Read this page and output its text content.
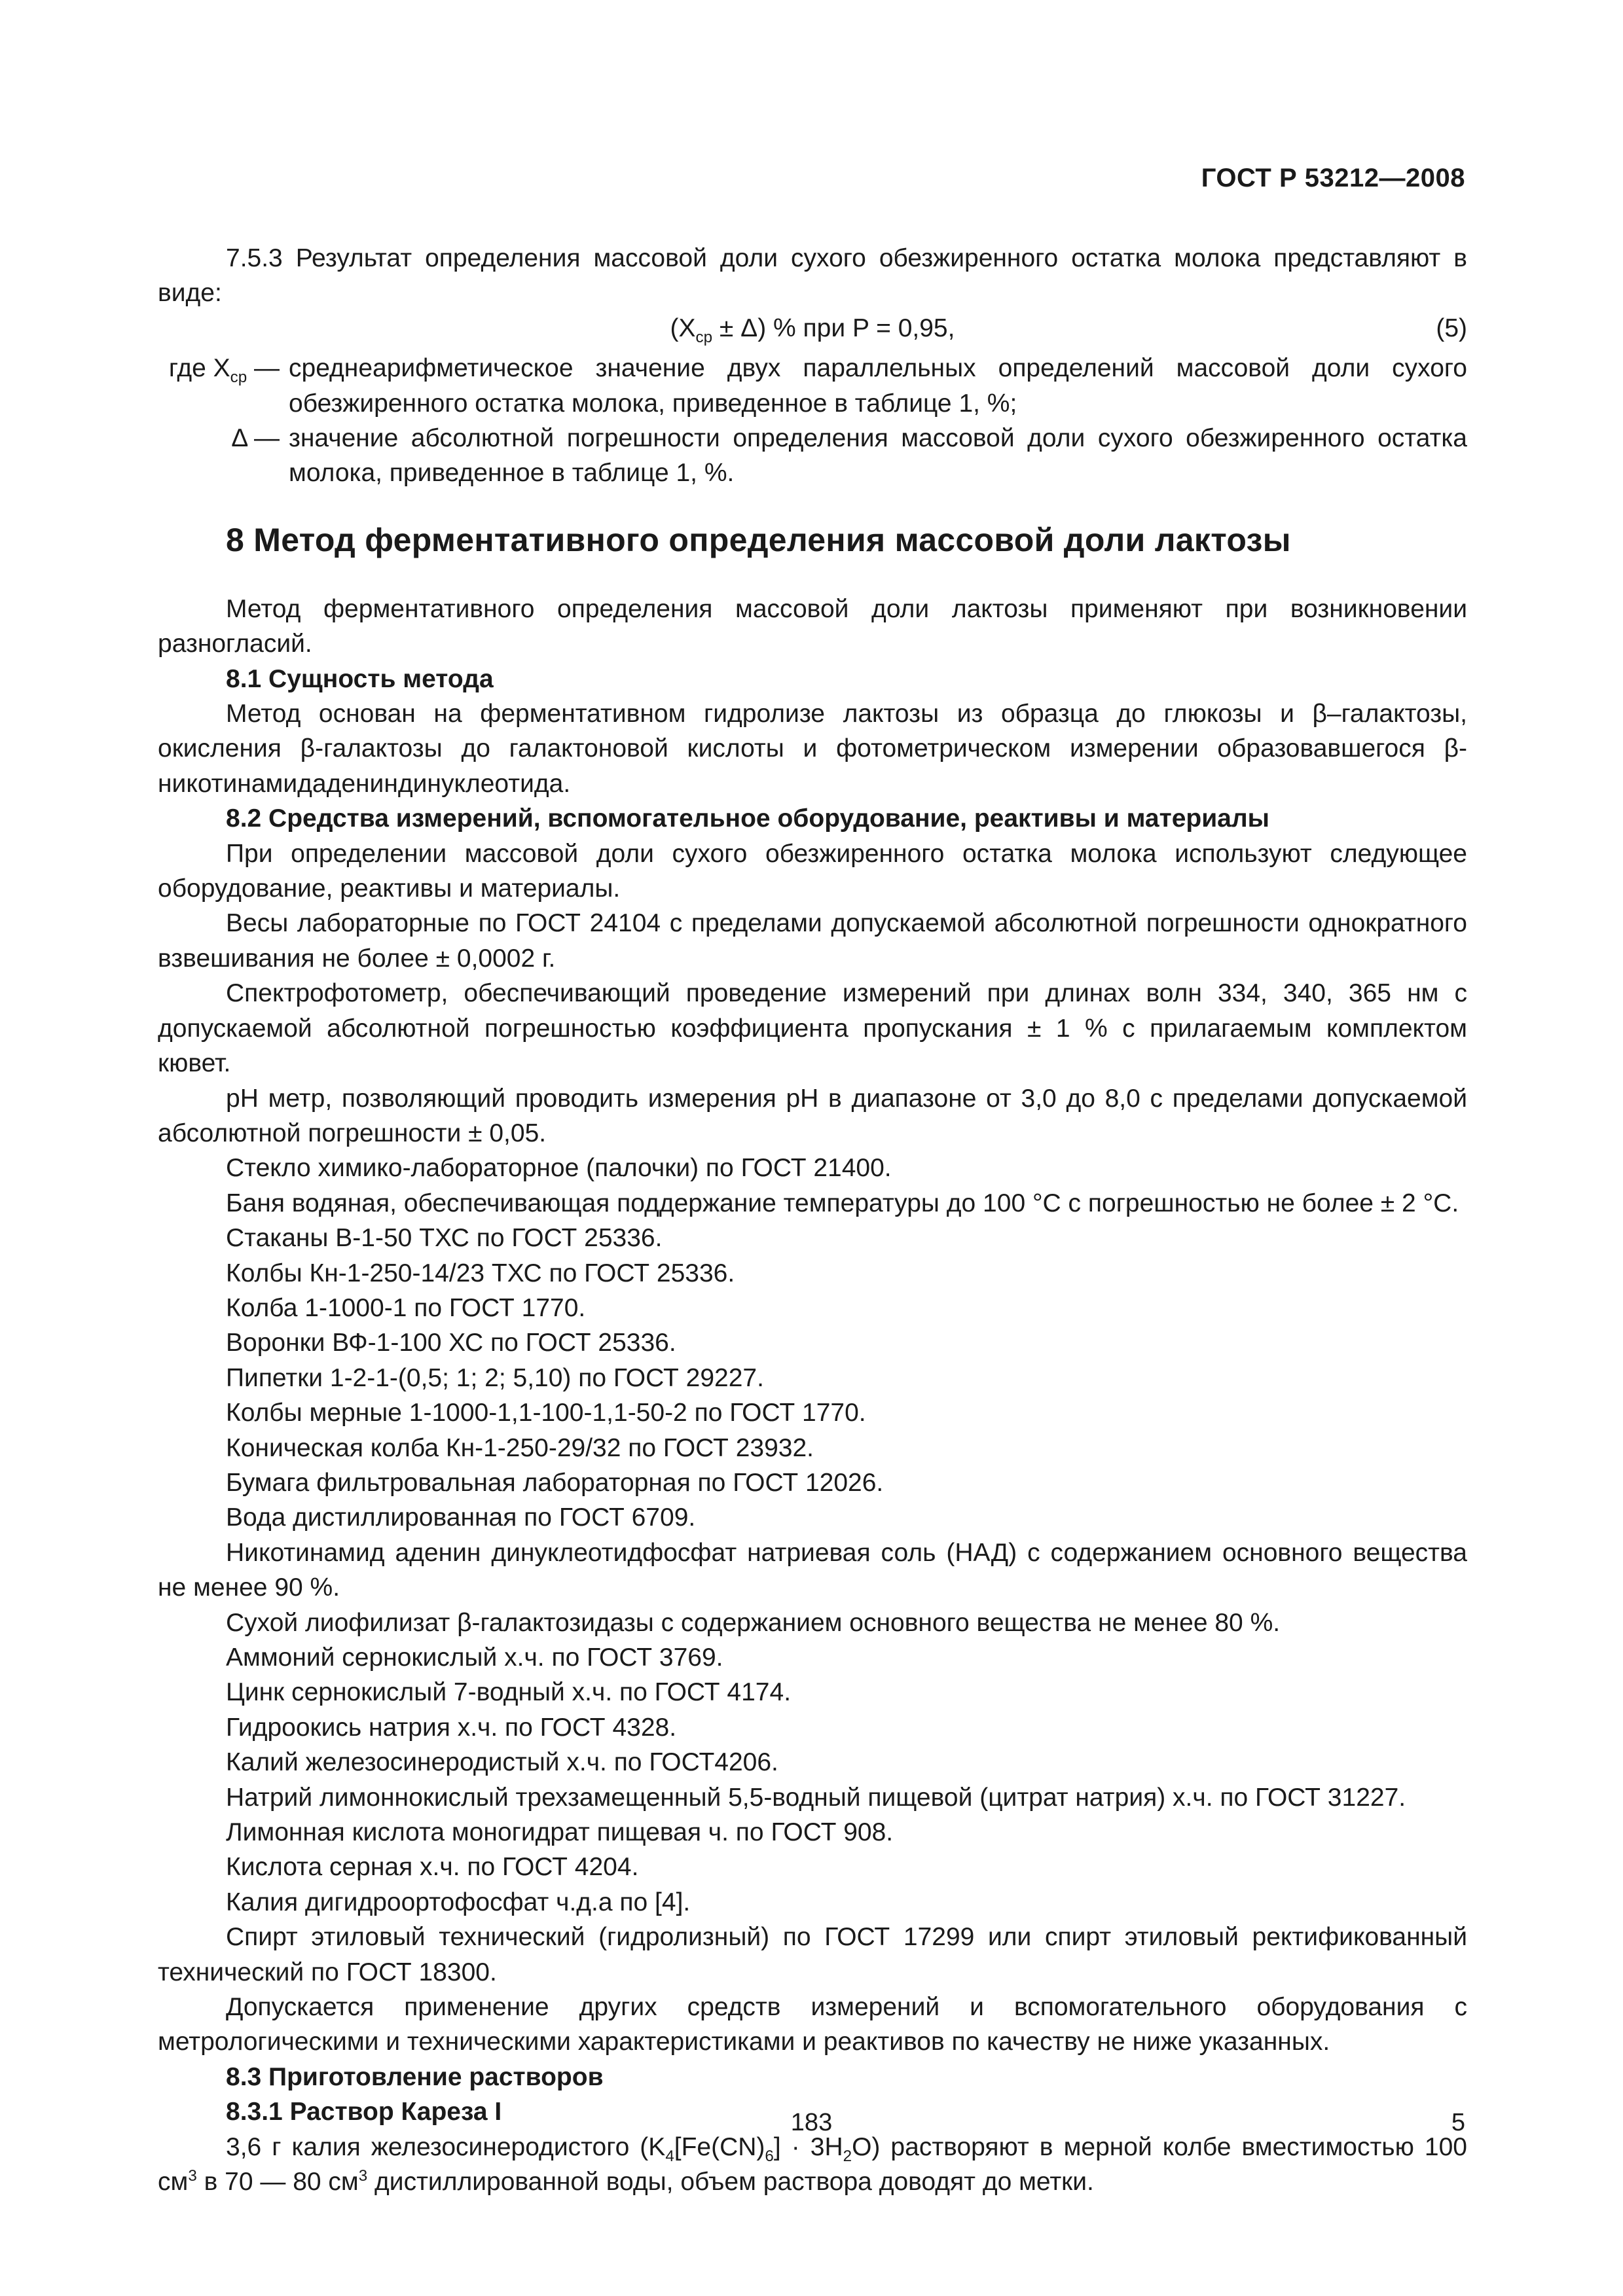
ГОСТ Р 53212—2008

7.5.3 Результат определения массовой доли сухого обезжиренного остатка молока представляют в виде:

$(X_{ср} \pm \Delta)$ % при P = 0,95,	(5)
где $X_{ср}$ — среднеарифметическое значение двух параллельных определений массовой доли сухого обезжиренного остатка молока, приведенное в таблице 1, %;
Δ — значение абсолютной погрешности определения массовой доли сухого обезжиренного остатка молока, приведенное в таблице 1, %.
8 Метод ферментативного определения массовой доли лактозы

Метод ферментативного определения массовой доли лактозы применяют при возникновении разногласий.

8.1 Сущность метода

Метод основан на ферментативном гидролизе лактозы из образца до глюкозы и β–галактозы, окисления β-галактозы до галактоновой кислоты и фотометрическом измерении образовавшегося β-никотинамидадениндинуклеотида.

8.2 Средства измерений, вспомогательное оборудование, реактивы и материалы

При определении массовой доли сухого обезжиренного остатка молока используют следующее оборудование, реактивы и материалы.

Весы лабораторные по ГОСТ 24104 с пределами допускаемой абсолютной погрешности однократного взвешивания не более ± 0,0002 г.

Спектрофотометр, обеспечивающий проведение измерений при длинах волн 334, 340, 365 нм с допускаемой абсолютной погрешностью коэффициента пропускания ± 1 % с прилагаемым комплектом кювет.

pH метр, позволяющий проводить измерения pH в диапазоне от 3,0 до 8,0 с пределами допускаемой абсолютной погрешности ± 0,05.

Стекло химико-лабораторное (палочки) по ГОСТ 21400.

Баня водяная, обеспечивающая поддержание температуры до 100 °С с погрешностью не более ± 2 °С.

Стаканы В-1-50 ТХС по ГОСТ 25336.

Колбы Кн-1-250-14/23 ТХС по ГОСТ 25336.

Колба 1-1000-1 по ГОСТ 1770.

Воронки ВФ-1-100 ХС по ГОСТ 25336.

Пипетки 1-2-1-(0,5; 1; 2; 5,10) по ГОСТ 29227.

Колбы мерные 1-1000-1,1-100-1,1-50-2 по ГОСТ 1770.

Коническая колба Кн-1-250-29/32 по ГОСТ 23932.

Бумага фильтровальная лабораторная по ГОСТ 12026.

Вода дистиллированная по ГОСТ 6709.

Никотинамид аденин динуклеотидфосфат натриевая соль (НАД) с содержанием основного вещества не менее 90 %.

Сухой лиофилизат β-галактозидазы с содержанием основного вещества не менее 80 %.

Аммоний сернокислый х.ч. по ГОСТ 3769.

Цинк сернокислый 7-водный х.ч. по ГОСТ 4174.

Гидроокись натрия х.ч. по ГОСТ 4328.

Калий железосинеродистый х.ч. по ГОСТ4206.

Натрий лимоннокислый трехзамещенный 5,5-водный пищевой (цитрат натрия) х.ч. по ГОСТ 31227.

Лимонная кислота моногидрат пищевая ч. по ГОСТ 908.

Кислота серная х.ч. по ГОСТ 4204.

Калия дигидроортофосфат ч.д.а по [4].

Спирт этиловый технический (гидролизный) по ГОСТ 17299 или спирт этиловый ректификованный технический по ГОСТ 18300.

Допускается применение других средств измерений и вспомогательного оборудования с метрологическими и техническими характеристиками и реактивов по качеству не ниже указанных.

8.3 Приготовление растворов

8.3.1 Раствор Кареза I

3,6 г калия железосинеродистого $(K_4[Fe(CN)_6] \cdot 3H_2O)$ растворяют в мерной колбе вместимостью 100 $см^3$ в 70 — 80 $см^3$ дистиллированной воды, объем раствора доводят до метки.

183	5
